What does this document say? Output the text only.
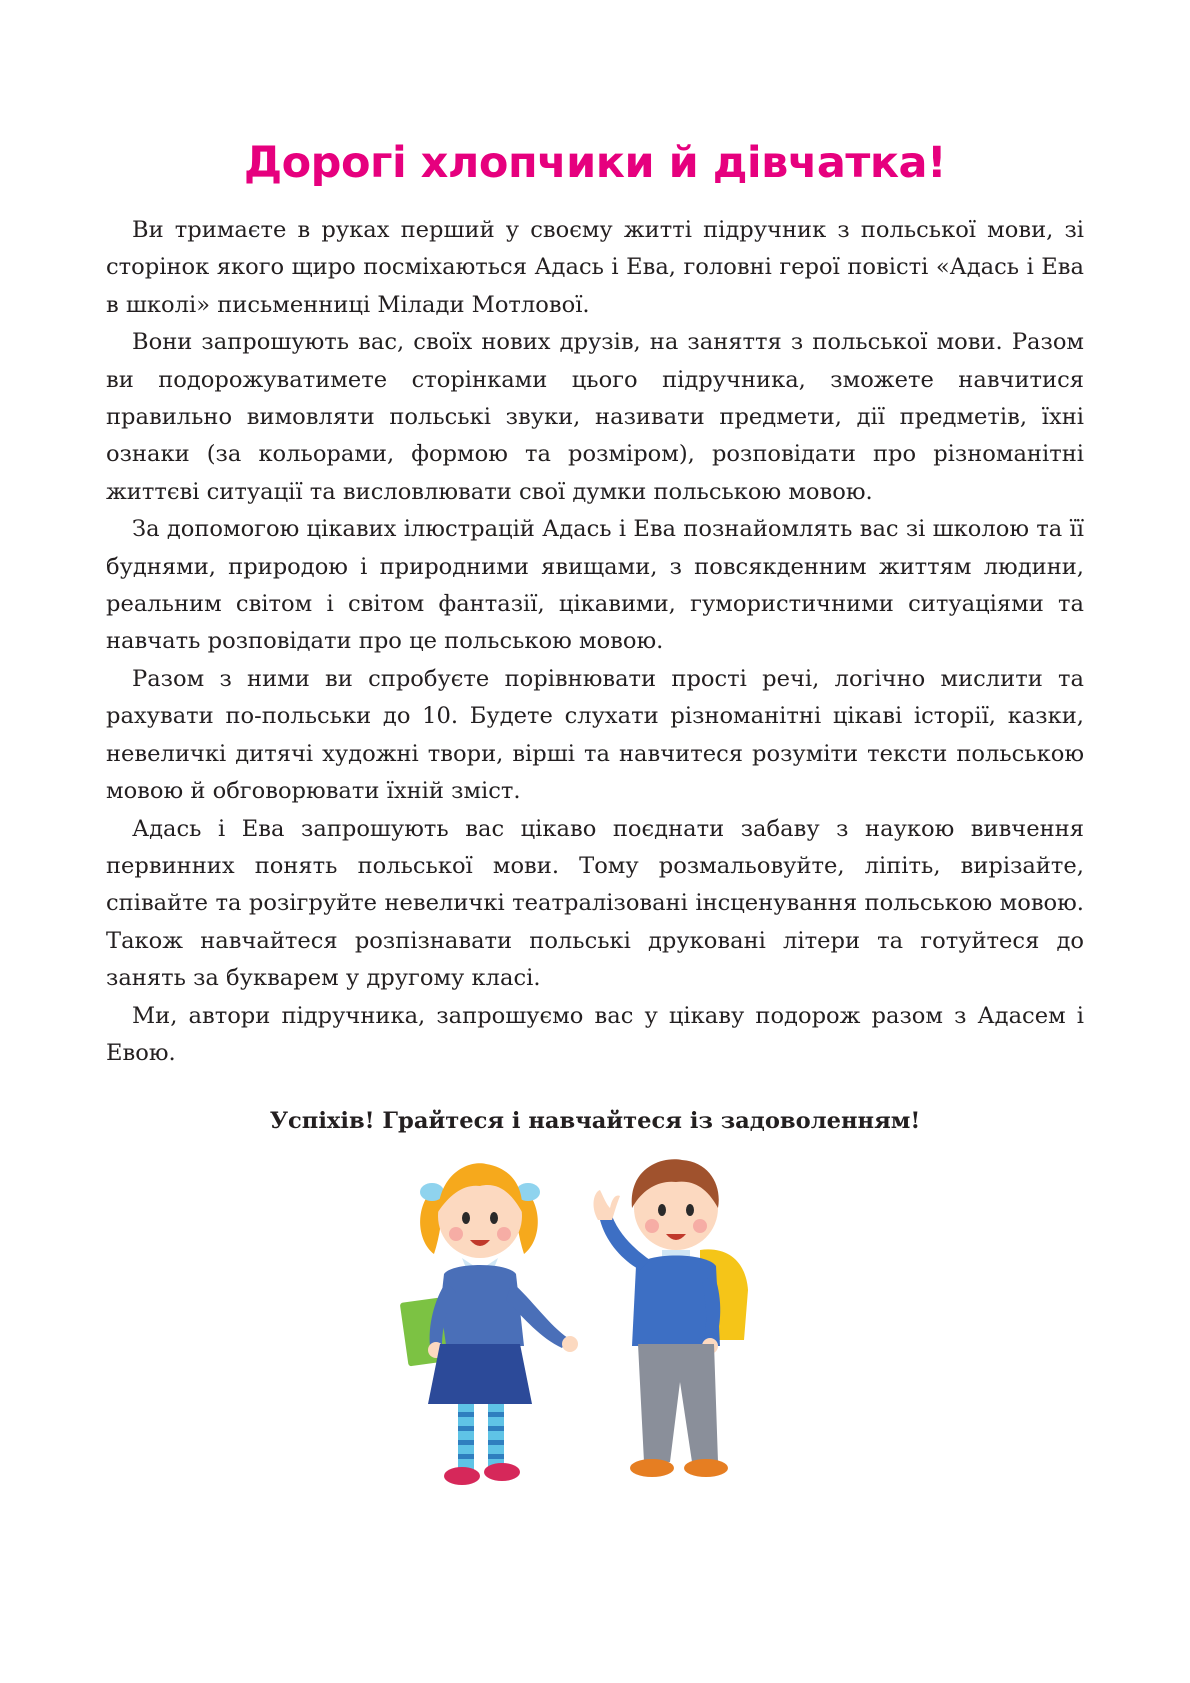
Дорогі хлопчики й дівчатка!

Ви тримаєте в руках перший у своєму житті підручник з польської мови, зі сторінок якого щиро посміхаються Адась і Ева, головні герої повісті «Адась і Ева в школі» письменниці Мілади Мотлової.

Вони запрошують вас, своїх нових друзів, на заняття з польської мови. Разом ви подорожуватимете сторінками цього підручника, зможете навчитися правильно вимовляти польські звуки, називати предмети, дії предметів, їхні ознаки (за кольорами, формою та розміром), розповідати про різноманітні життєві ситуації та висловлювати свої думки польською мовою.

За допомогою цікавих ілюстрацій Адась і Ева познайомлять вас зі школою та її буднями, природою і природними явищами, з повсякденним життям людини, реальним світом і світом фантазії, цікавими, гумористичними ситуаціями та навчать розповідати про це польською мовою.

Разом з ними ви спробуєте порівнювати прості речі, логічно мислити та рахувати по-польськи до 10. Будете слухати різноманітні цікаві історії, казки, невеличкі дитячі художні твори, вірші та навчитеся розуміти тексти польською мовою й обговорювати їхній зміст.

Адась і Ева запрошують вас цікаво поєднати забаву з наукою вивчення первинних понять польської мови. Тому розмальовуйте, ліпіть, вирізайте, співайте та розігруйте невеличкі театралізовані інсценування польською мовою. Також навчайтеся розпізнавати польські друковані літери та готуйтеся до занять за букварем у другому класі.

Ми, автори підручника, запрошуємо вас у цікаву подорож разом з Адасем і Евою.

Успіхів! Грайтеся і навчайтеся із задоволенням!
